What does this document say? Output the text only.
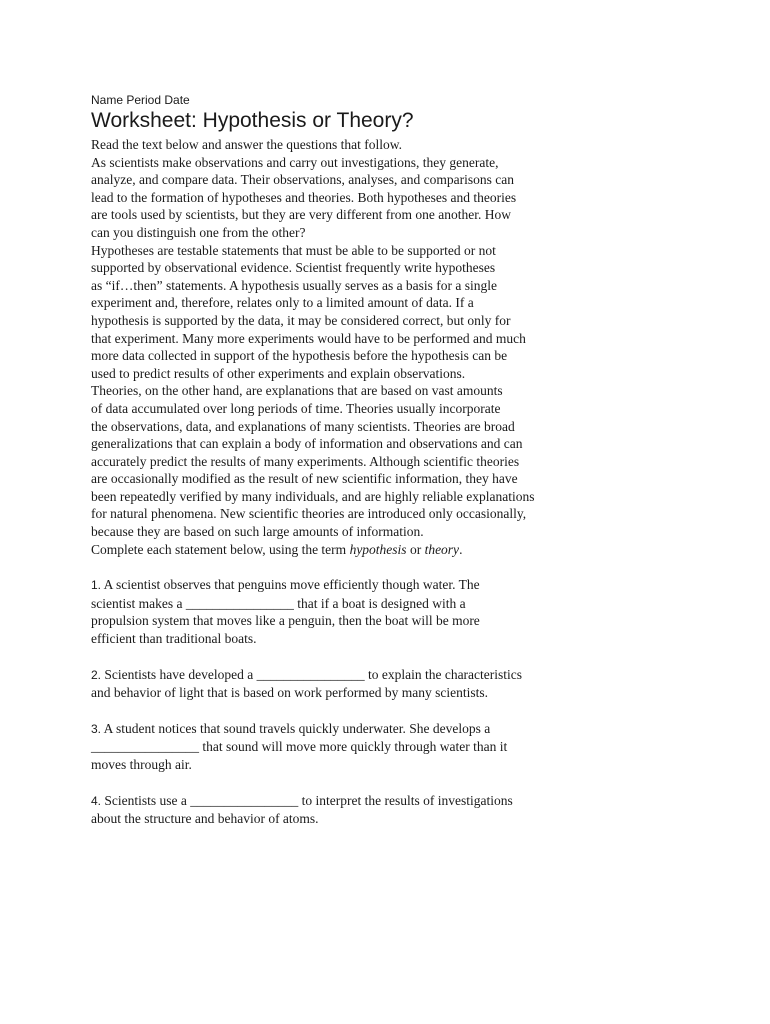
Name Period Date

Worksheet: Hypothesis or Theory?

Read the text below and answer the questions that follow.

As scientists make observations and carry out investigations, they generate,
analyze, and compare data. Their observations, analyses, and comparisons can
lead to the formation of hypotheses and theories. Both hypotheses and theories
are tools used by scientists, but they are very different from one another. How
can you distinguish one from the other?

Hypotheses are testable statements that must be able to be supported or not
supported by observational evidence. Scientist frequently write hypotheses
as “if…then” statements. A hypothesis usually serves as a basis for a single
experiment and, therefore, relates only to a limited amount of data. If a
hypothesis is supported by the data, it may be considered correct, but only for
that experiment. Many more experiments would have to be performed and much
more data collected in support of the hypothesis before the hypothesis can be
used to predict results of other experiments and explain observations.

Theories, on the other hand, are explanations that are based on vast amounts
of data accumulated over long periods of time. Theories usually incorporate
the observations, data, and explanations of many scientists. Theories are broad
generalizations that can explain a body of information and observations and can
accurately predict the results of many experiments. Although scientific theories
are occasionally modified as the result of new scientific information, they have
been repeatedly verified by many individuals, and are highly reliable explanations
for natural phenomena. New scientific theories are introduced only occasionally,
because they are based on such large amounts of information.

Complete each statement below, using the term hypothesis or theory.

1. A scientist observes that penguins move efficiently though water. The
scientist makes a ________________ that if a boat is designed with a
propulsion system that moves like a penguin, then the boat will be more
efficient than traditional boats.

2. Scientists have developed a ________________ to explain the characteristics
and behavior of light that is based on work performed by many scientists.

3. A student notices that sound travels quickly underwater. She develops a
________________ that sound will move more quickly through water than it
moves through air.

4. Scientists use a ________________ to interpret the results of investigations
about the structure and behavior of atoms.
